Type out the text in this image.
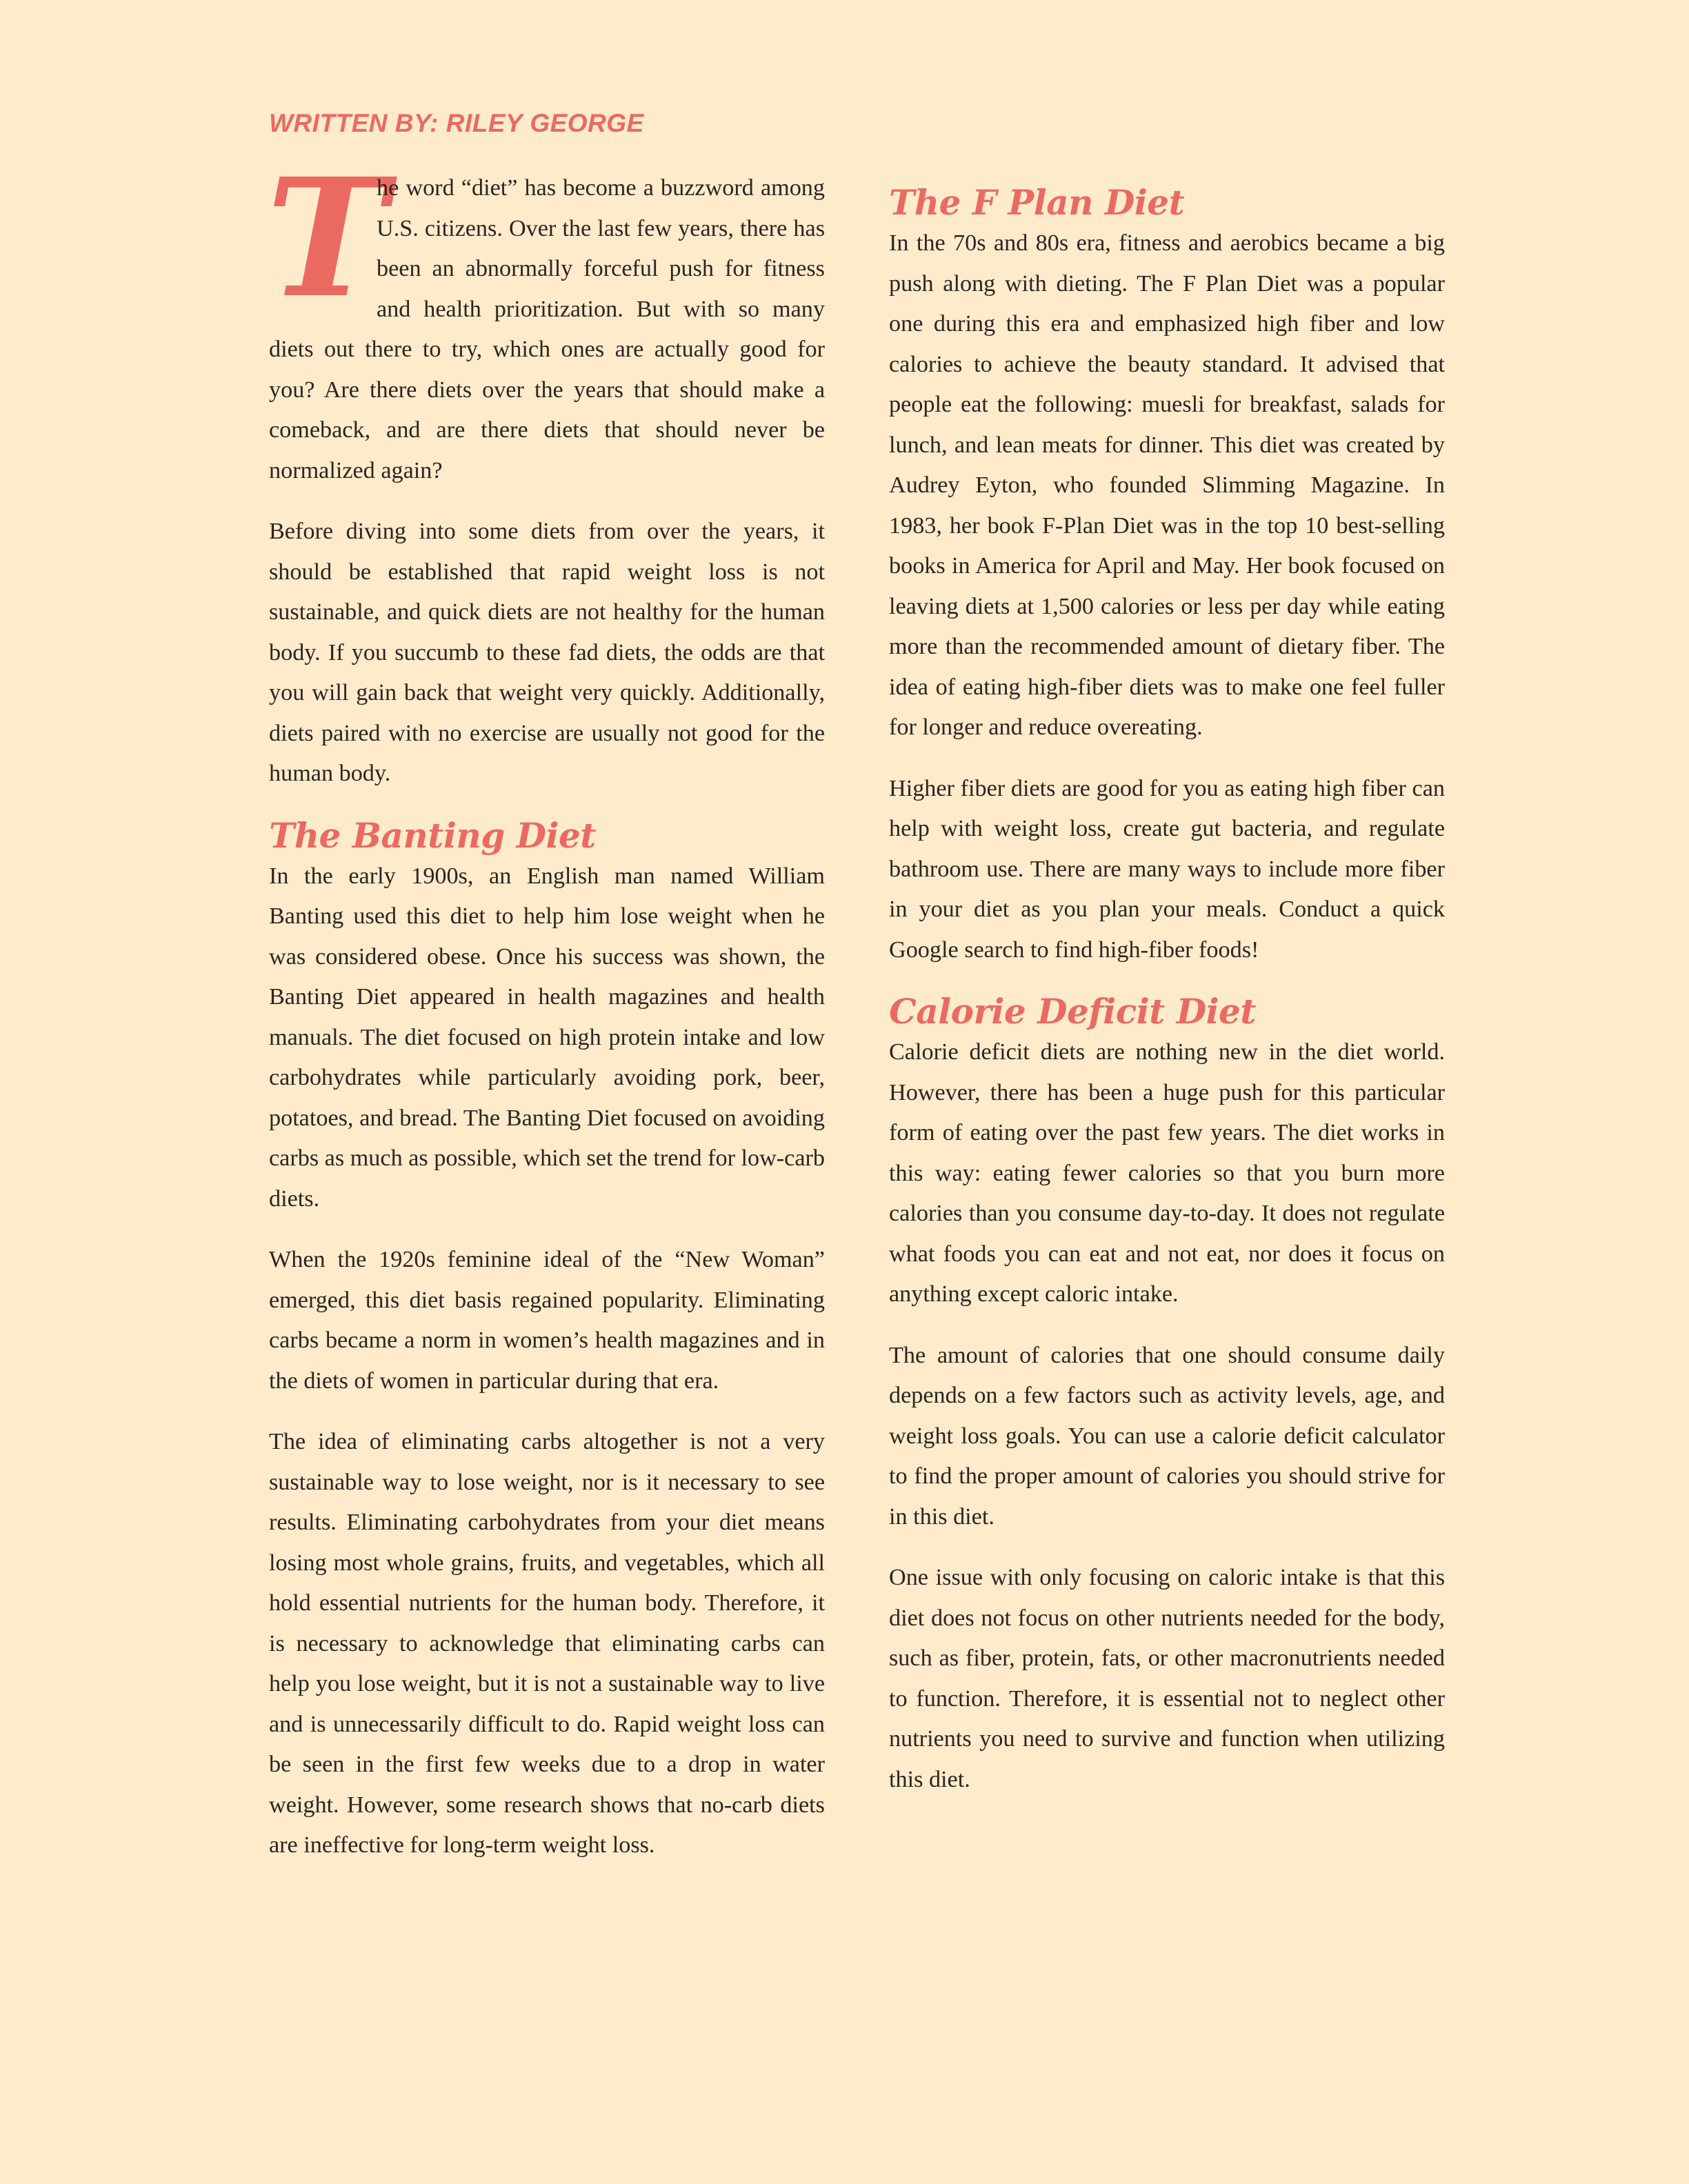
WRITTEN BY: RILEY GEORGE

T
he word “diet” has become a buzzword among U.S. citizens. Over the last few years, there has been an abnormally forceful push for fitness and health prioritization. But with so many diets out there to try, which ones are actually good for you? Are there diets over the years that should make a comeback, and are there diets that should never be normalized again?

Before diving into some diets from over the years, it should be established that rapid weight loss is not sustainable, and quick diets are not healthy for the human body. If you succumb to these fad diets, the odds are that you will gain back that weight very quickly. Additionally, diets paired with no exercise are usually not good for the human body.

The Banting Diet

In the early 1900s, an English man named William Banting used this diet to help him lose weight when he was considered obese. Once his success was shown, the Banting Diet appeared in health magazines and health manuals. The diet focused on high protein intake and low carbohydrates while particularly avoiding pork, beer, potatoes, and bread. The Banting Diet focused on avoiding carbs as much as possible, which set the trend for low-carb diets.

When the 1920s feminine ideal of the “New Woman” emerged, this diet basis regained popularity. Eliminating carbs became a norm in women’s health magazines and in the diets of women in particular during that era.

The idea of eliminating carbs altogether is not a very sustainable way to lose weight, nor is it necessary to see results. Eliminating carbohydrates from your diet means losing most whole grains, fruits, and vegetables, which all hold essential nutrients for the human body. Therefore, it is necessary to acknowledge that eliminating carbs can help you lose weight, but it is not a sustainable way to live and is unnecessarily difficult to do. Rapid weight loss can be seen in the first few weeks due to a drop in water weight. However, some research shows that no-carb diets are ineffective for long-term weight loss.

The F Plan Diet

In the 70s and 80s era, fitness and aerobics became a big push along with dieting. The F Plan Diet was a popular one during this era and emphasized high fiber and low calories to achieve the beauty standard. It advised that people eat the following: muesli for breakfast, salads for lunch, and lean meats for dinner. This diet was created by Audrey Eyton, who founded Slimming Magazine. In 1983, her book F-Plan Diet was in the top 10 best-selling books in America for April and May. Her book focused on leaving diets at 1,500 calories or less per day while eating more than the recommended amount of dietary fiber. The idea of eating high-fiber diets was to make one feel fuller for longer and reduce overeating.

Higher fiber diets are good for you as eating high fiber can help with weight loss, create gut bacteria, and regulate bathroom use. There are many ways to include more fiber in your diet as you plan your meals. Conduct a quick Google search to find high-fiber foods!

Calorie Deficit Diet

Calorie deficit diets are nothing new in the diet world. However, there has been a huge push for this particular form of eating over the past few years. The diet works in this way: eating fewer calories so that you burn more calories than you consume day-to-day. It does not regulate what foods you can eat and not eat, nor does it focus on anything except caloric intake.

The amount of calories that one should consume daily depends on a few factors such as activity levels, age, and weight loss goals. You can use a calorie deficit calculator to find the proper amount of calories you should strive for in this diet.

One issue with only focusing on caloric intake is that this diet does not focus on other nutrients needed for the body, such as fiber, protein, fats, or other macronutrients needed to function. Therefore, it is essential not to neglect other nutrients you need to survive and function when utilizing this diet.
